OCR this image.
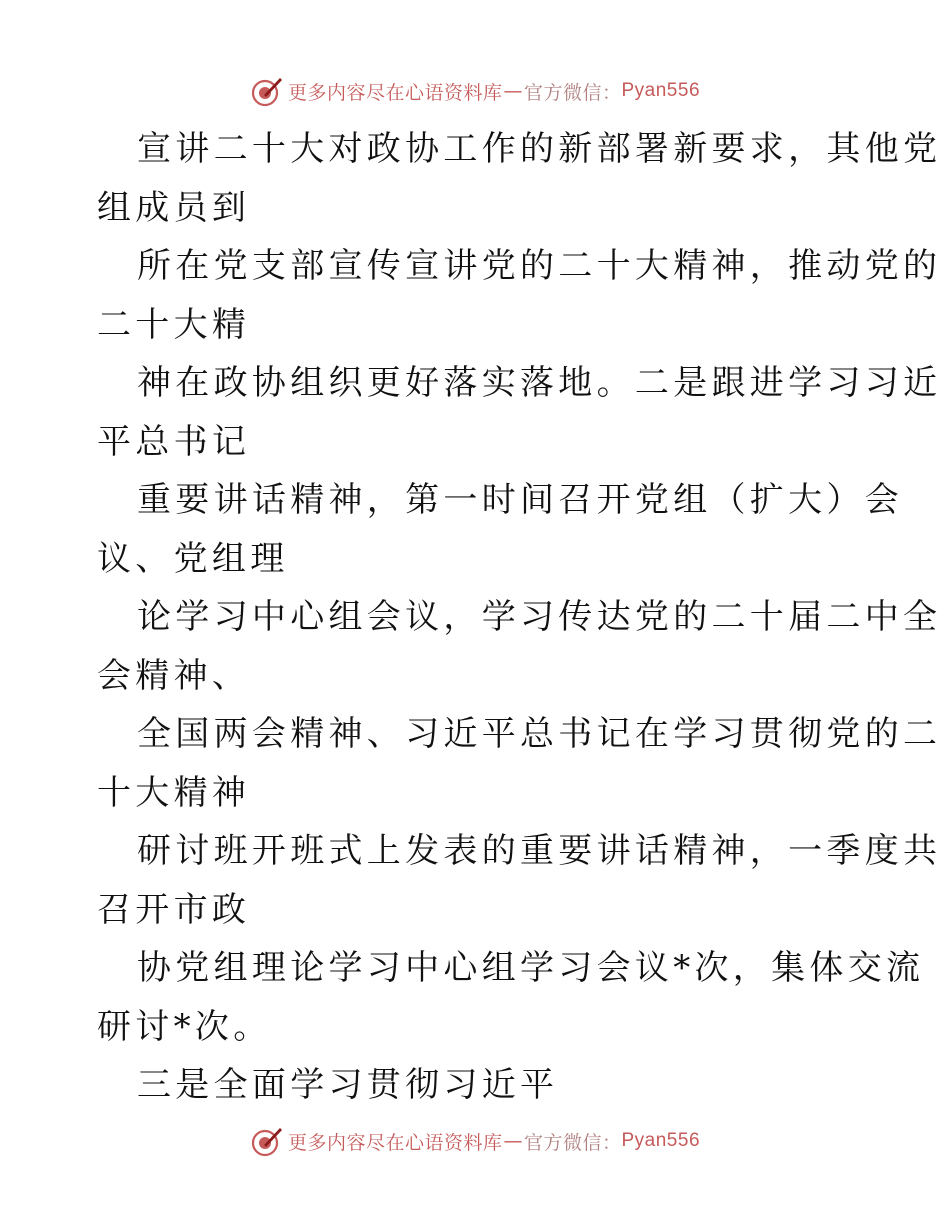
更多内容尽在心语资料库 — 官方微信： Pyan556

宣讲二十大对政协工作的新部署新要求，其他党
组成员到

所在党支部宣传宣讲党的二十大精神，推动党的
二十大精

神在政协组织更好落实落地。二是跟进学习习近
平总书记

重要讲话精神，第一时间召开党组（扩大）会
议、党组理

论学习中心组会议，学习传达党的二十届二中全
会精神、

全国两会精神、习近平总书记在学习贯彻党的二
十大精神

研讨班开班式上发表的重要讲话精神，一季度共
召开市政

协党组理论学习中心组学习会议*次，集体交流
研讨*次。

三是全面学习贯彻习近平

更多内容尽在心语资料库 — 官方微信： Pyan556
